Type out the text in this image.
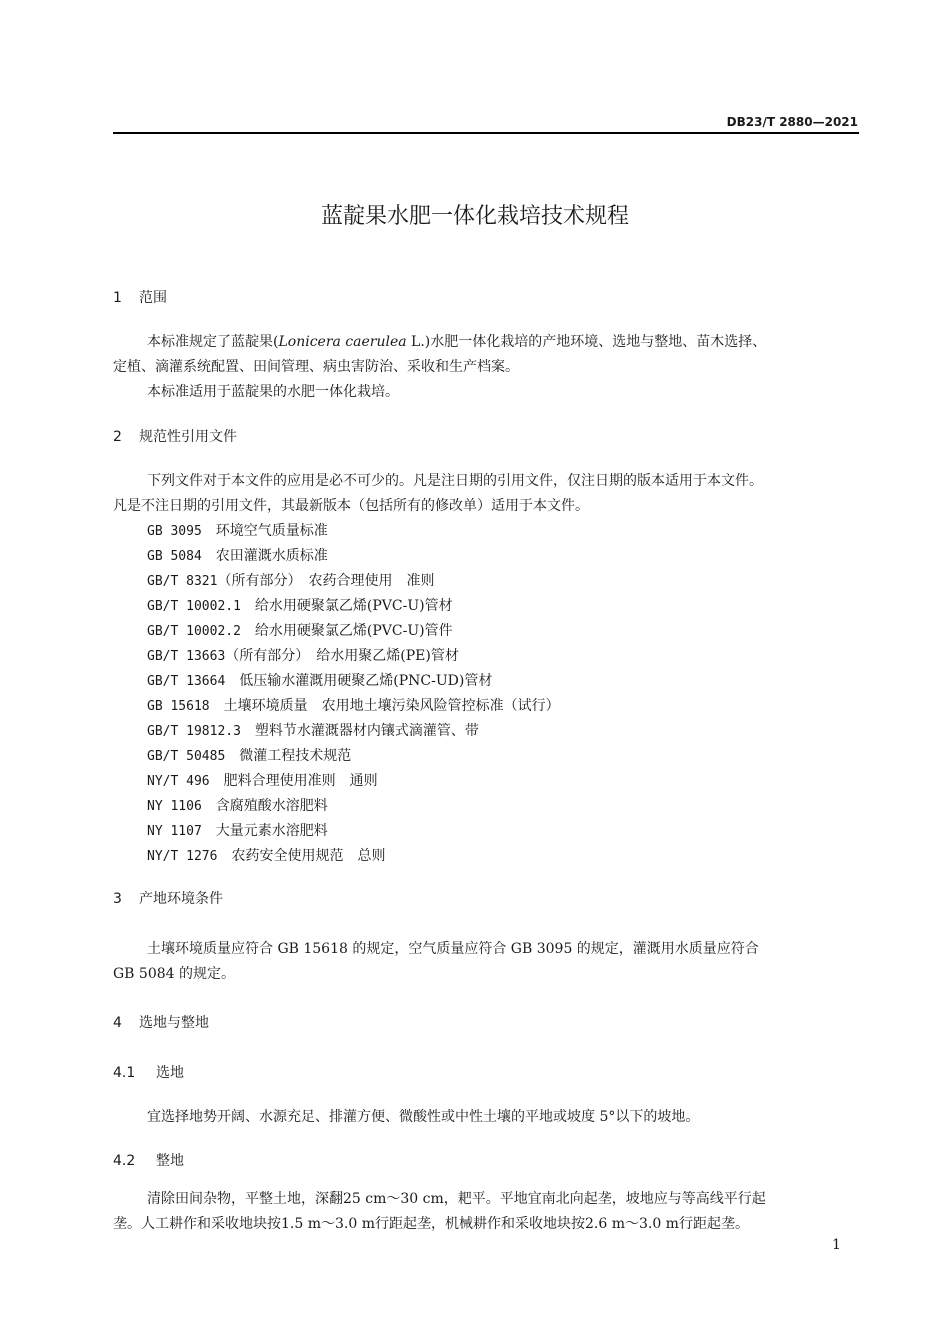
DB23/T 2880—2021
蓝靛果水肥一体化栽培技术规程
1 范围
本标准规定了蓝靛果(Lonicera caerulea L.)水肥一体化栽培的产地环境、选地与整地、苗木选择、
定植、滴灌系统配置、田间管理、病虫害防治、采收和生产档案。
本标准适用于蓝靛果的水肥一体化栽培。
2 规范性引用文件
下列文件对于本文件的应用是必不可少的。凡是注日期的引用文件，仅注日期的版本适用于本文件。
凡是不注日期的引用文件，其最新版本（包括所有的修改单）适用于本文件。
GB 3095　 环境空气质量标准
GB 5084　 农田灌溉水质标准
GB/T 8321（所有部分）　农药合理使用　准则
GB/T 10002.1　 给水用硬聚氯乙烯(PVC-U)管材
GB/T 10002.2　 给水用硬聚氯乙烯(PVC-U)管件
GB/T 13663（所有部分）　给水用聚乙烯(PE)管材
GB/T 13664　 低压输水灌溉用硬聚乙烯(PNC-UD)管材
GB 15618　 土壤环境质量　农用地土壤污染风险管控标准（试行）
GB/T 19812.3　 塑料节水灌溉器材内镶式滴灌管、带
GB/T 50485　 微灌工程技术规范
NY/T 496　 肥料合理使用准则　通则
NY 1106　 含腐殖酸水溶肥料
NY 1107　 大量元素水溶肥料
NY/T 1276　 农药安全使用规范　总则
3 产地环境条件
土壤环境质量应符合 GB 15618 的规定，空气质量应符合 GB 3095 的规定，灌溉用水质量应符合
GB 5084 的规定。
4 选地与整地
4.1 选地
宜选择地势开阔、水源充足、排灌方便、微酸性或中性土壤的平地或坡度 5°以下的坡地。
4.2 整地
清除田间杂物，平整土地，深翻25 cm～30 cm，耙平。平地宜南北向起垄，坡地应与等高线平行起
垄。人工耕作和采收地块按1.5 m～3.0 m行距起垄，机械耕作和采收地块按2.6 m～3.0 m行距起垄。
1
